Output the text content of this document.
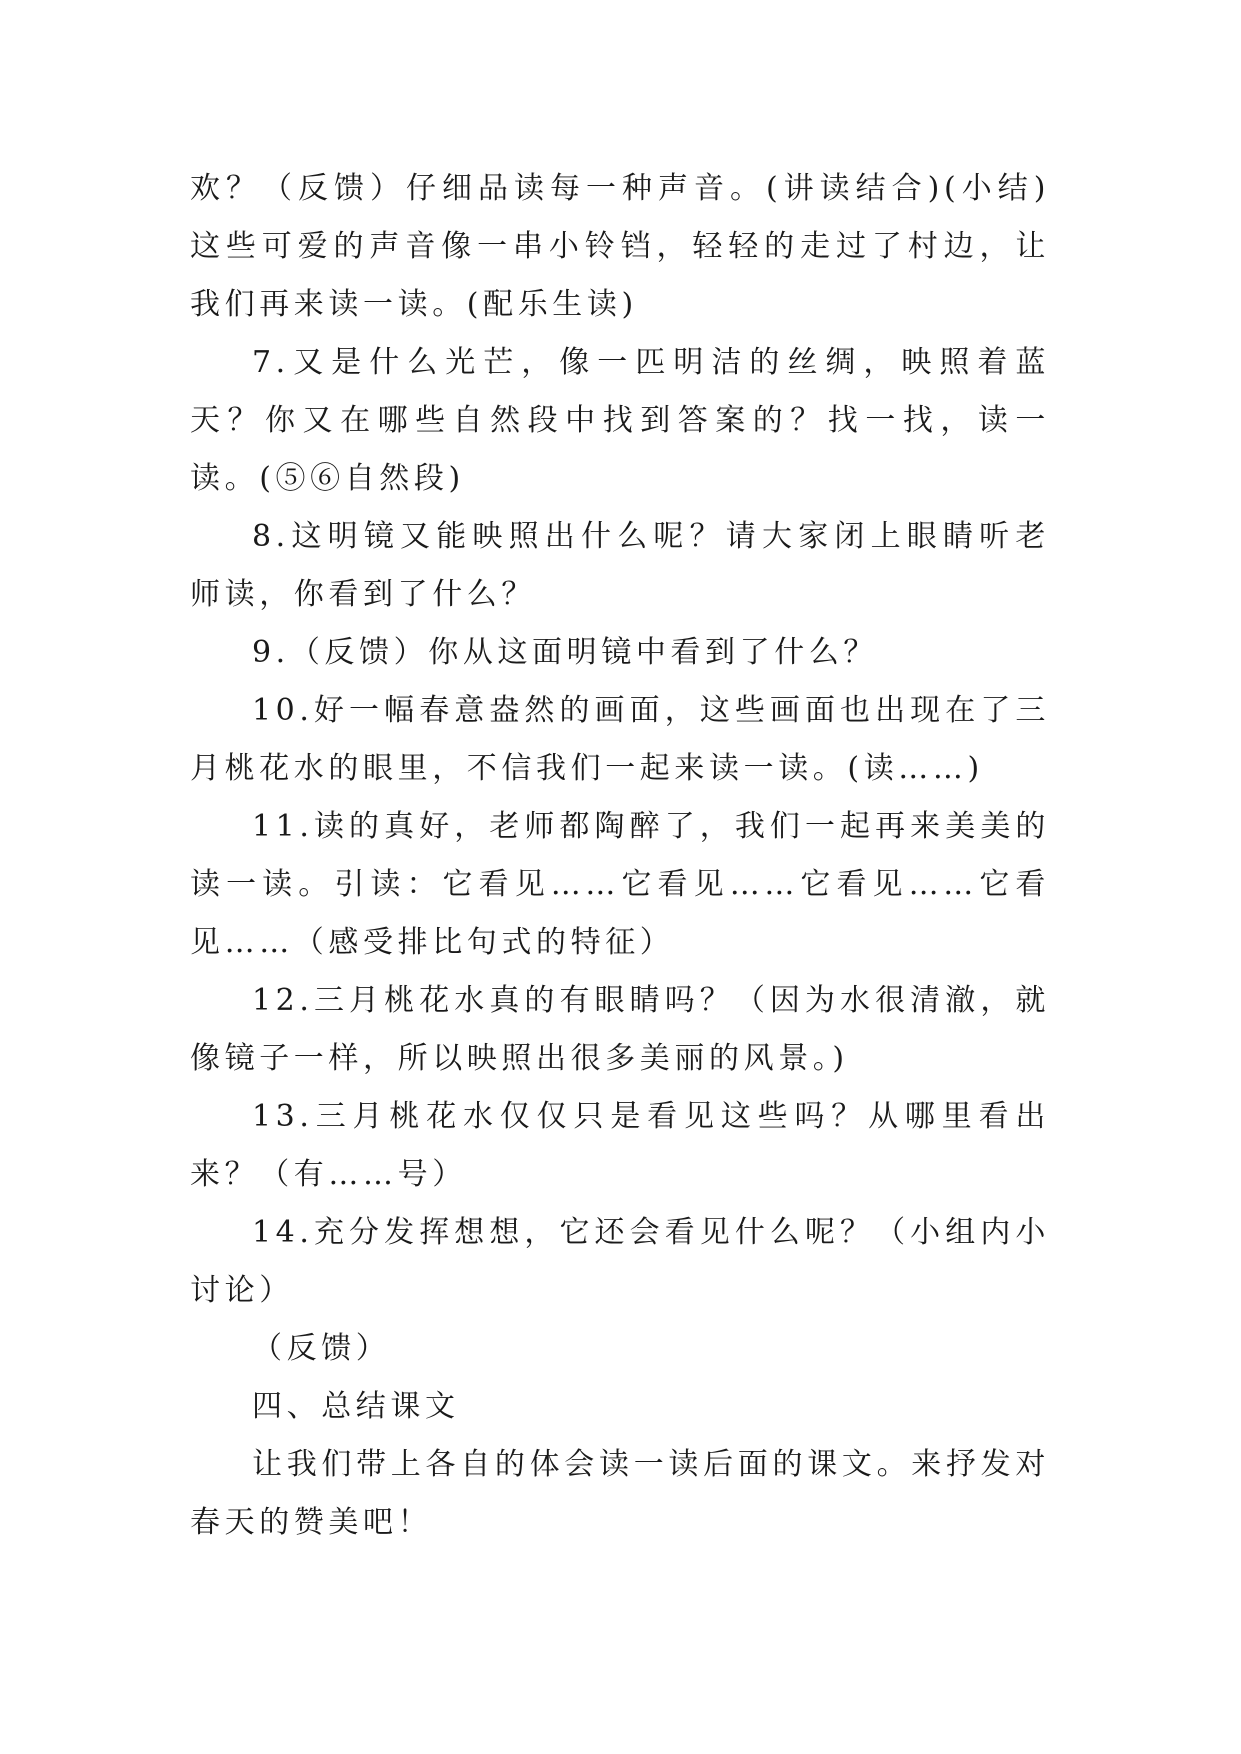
欢？（反馈）仔细品读每一种声音。(讲读结合)(小结)这些可爱的声音像一串小铃铛，轻轻的走过了村边，让我们再来读一读。(配乐生读)

7.又是什么光芒，像一匹明洁的丝绸，映照着蓝天？你又在哪些自然段中找到答案的？找一找，读一读。(⑤⑥自然段)

8.这明镜又能映照出什么呢？请大家闭上眼睛听老师读，你看到了什么？

9.（反馈）你从这面明镜中看到了什么？

10.好一幅春意盎然的画面，这些画面也出现在了三月桃花水的眼里，不信我们一起来读一读。(读……)

11.读的真好，老师都陶醉了，我们一起再来美美的读一读。引读：它看见……它看见……它看见……它看见……（感受排比句式的特征）

12.三月桃花水真的有眼睛吗？（因为水很清澈，就像镜子一样，所以映照出很多美丽的风景。)

13.三月桃花水仅仅只是看见这些吗？从哪里看出来？（有……号）

14.充分发挥想想，它还会看见什么呢？（小组内小讨论）

（反馈）

四、总结课文

让我们带上各自的体会读一读后面的课文。来抒发对春天的赞美吧！
